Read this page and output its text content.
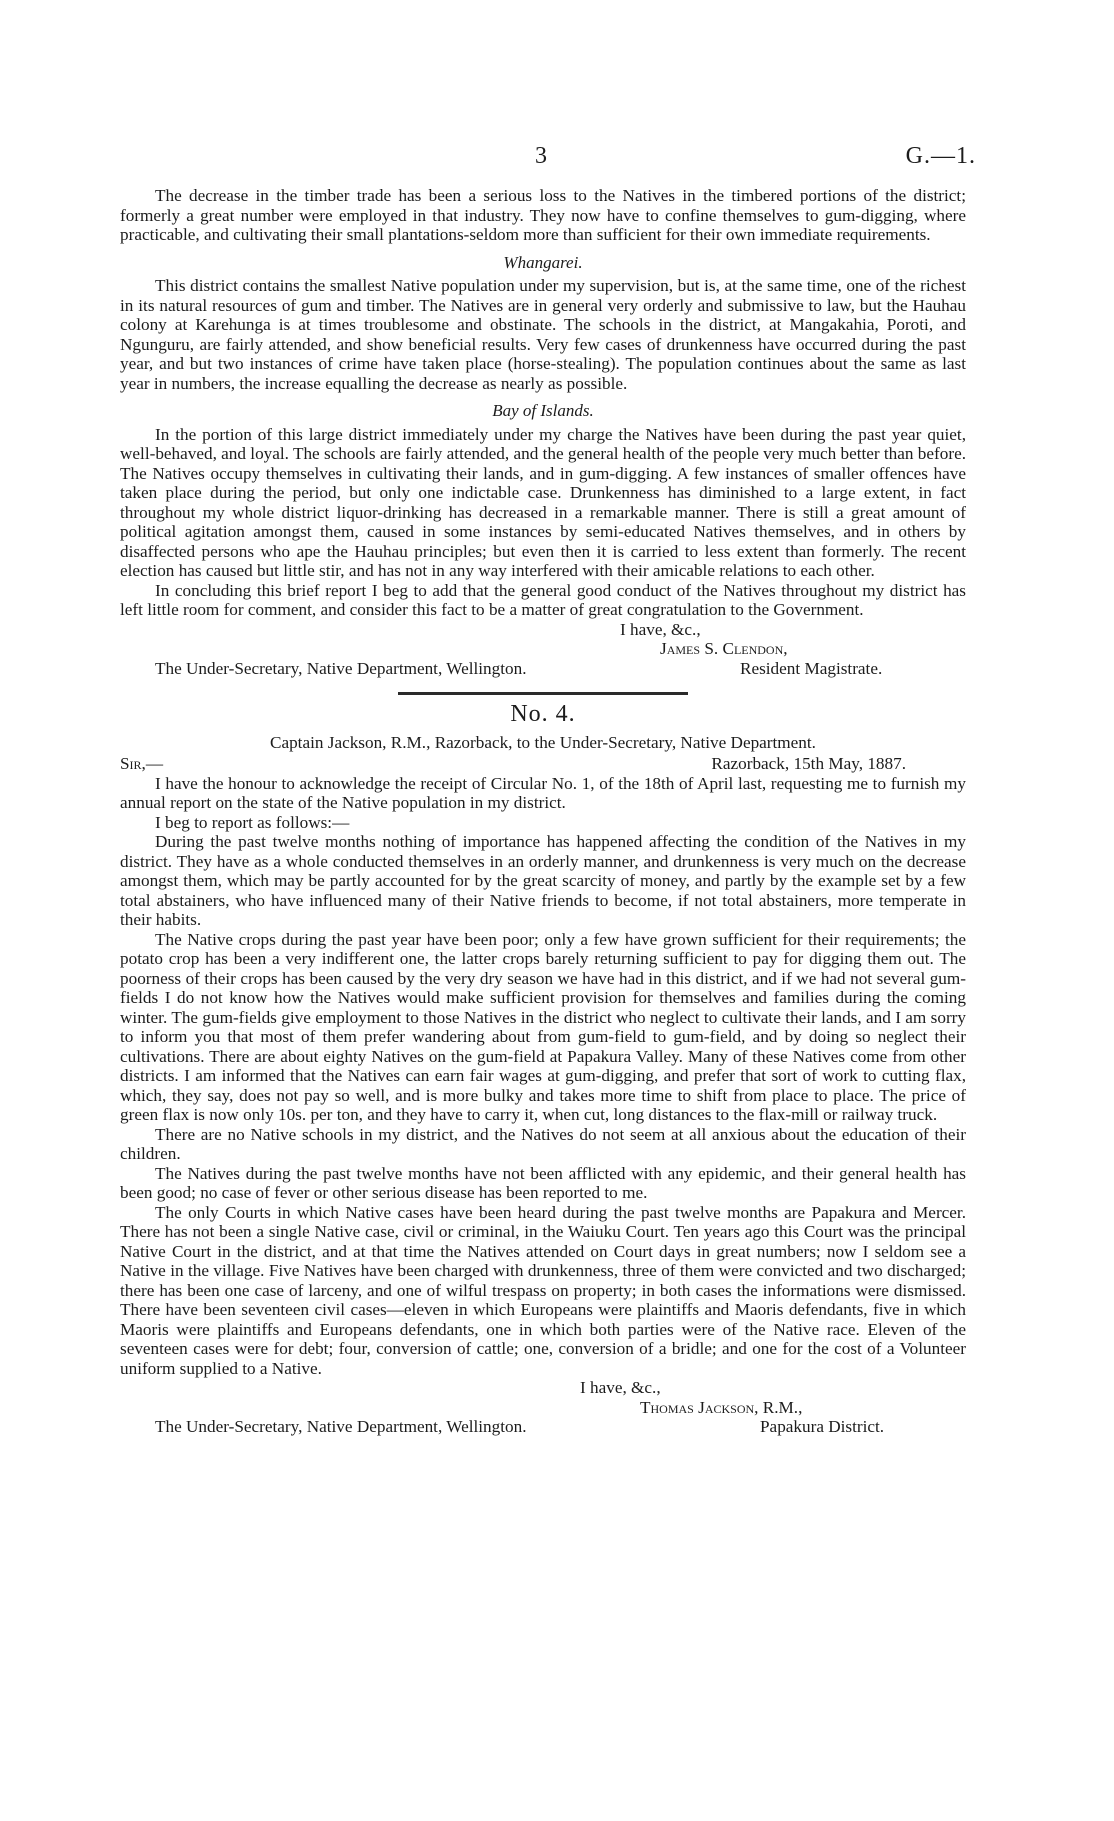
3	G.—1.

The decrease in the timber trade has been a serious loss to the Natives in the timbered portions of the district; formerly a great number were employed in that industry. They now have to confine themselves to gum-digging, where practicable, and cultivating their small plantations-seldom more than sufficient for their own immediate requirements.

Whangarei.

This district contains the smallest Native population under my supervision, but is, at the same time, one of the richest in its natural resources of gum and timber. The Natives are in general very orderly and submissive to law, but the Hauhau colony at Karehunga is at times troublesome and obstinate. The schools in the district, at Mangakahia, Poroti, and Ngunguru, are fairly attended, and show beneficial results. Very few cases of drunkenness have occurred during the past year, and but two instances of crime have taken place (horse-stealing). The population continues about the same as last year in numbers, the increase equalling the decrease as nearly as possible.

Bay of Islands.

In the portion of this large district immediately under my charge the Natives have been during the past year quiet, well-behaved, and loyal. The schools are fairly attended, and the general health of the people very much better than before. The Natives occupy themselves in cultivating their lands, and in gum-digging. A few instances of smaller offences have taken place during the period, but only one indictable case. Drunkenness has diminished to a large extent, in fact throughout my whole district liquor-drinking has decreased in a remarkable manner. There is still a great amount of political agitation amongst them, caused in some instances by semi-educated Natives themselves, and in others by disaffected persons who ape the Hauhau principles; but even then it is carried to less extent than formerly. The recent election has caused but little stir, and has not in any way interfered with their amicable relations to each other.

In concluding this brief report I beg to add that the general good conduct of the Natives throughout my district has left little room for comment, and consider this fact to be a matter of great congratulation to the Government.

I have, &c.,
James S. Clendon,
The Under-Secretary, Native Department, Wellington.	Resident Magistrate.
No. 4.
Captain Jackson, R.M., Razorback, to the Under-Secretary, Native Department.
Sir,—	Razorback, 15th May, 1887.

I have the honour to acknowledge the receipt of Circular No. 1, of the 18th of April last, requesting me to furnish my annual report on the state of the Native population in my district.

I beg to report as follows:—

During the past twelve months nothing of importance has happened affecting the condition of the Natives in my district. They have as a whole conducted themselves in an orderly manner, and drunkenness is very much on the decrease amongst them, which may be partly accounted for by the great scarcity of money, and partly by the example set by a few total abstainers, who have influenced many of their Native friends to become, if not total abstainers, more temperate in their habits.

The Native crops during the past year have been poor; only a few have grown sufficient for their requirements; the potato crop has been a very indifferent one, the latter crops barely returning sufficient to pay for digging them out. The poorness of their crops has been caused by the very dry season we have had in this district, and if we had not several gum-fields I do not know how the Natives would make sufficient provision for themselves and families during the coming winter. The gum-fields give employment to those Natives in the district who neglect to cultivate their lands, and I am sorry to inform you that most of them prefer wandering about from gum-field to gum-field, and by doing so neglect their cultivations. There are about eighty Natives on the gum-field at Papakura Valley. Many of these Natives come from other districts. I am informed that the Natives can earn fair wages at gum-digging, and prefer that sort of work to cutting flax, which, they say, does not pay so well, and is more bulky and takes more time to shift from place to place. The price of green flax is now only 10s. per ton, and they have to carry it, when cut, long distances to the flax-mill or railway truck.

There are no Native schools in my district, and the Natives do not seem at all anxious about the education of their children.

The Natives during the past twelve months have not been afflicted with any epidemic, and their general health has been good; no case of fever or other serious disease has been reported to me.

The only Courts in which Native cases have been heard during the past twelve months are Papakura and Mercer. There has not been a single Native case, civil or criminal, in the Waiuku Court. Ten years ago this Court was the principal Native Court in the district, and at that time the Natives attended on Court days in great numbers; now I seldom see a Native in the village. Five Natives have been charged with drunkenness, three of them were convicted and two discharged; there has been one case of larceny, and one of wilful trespass on property; in both cases the informations were dismissed. There have been seventeen civil cases—eleven in which Europeans were plaintiffs and Maoris defendants, five in which Maoris were plaintiffs and Europeans defendants, one in which both parties were of the Native race. Eleven of the seventeen cases were for debt; four, conversion of cattle; one, conversion of a bridle; and one for the cost of a Volunteer uniform supplied to a Native.

I have, &c.,
Thomas Jackson, R.M.,
The Under-Secretary, Native Department, Wellington.	Papakura District.
